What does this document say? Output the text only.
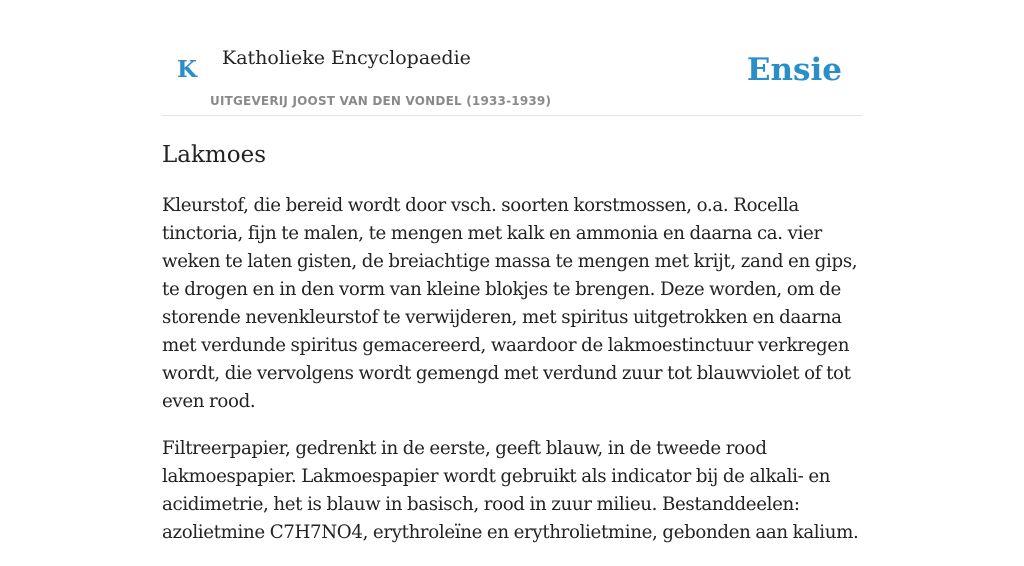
K Katholieke Encyclopaedie
UITGEVERIJ JOOST VAN DEN VONDEL (1933-1939)
Ensie
Lakmoes

Kleurstof, die bereid wordt door vsch. soorten korstmossen, o.a. Rocella tinctoria, fijn te malen, te mengen met kalk en ammonia en daarna ca. vier weken te laten gisten, de breiachtige massa te mengen met krijt, zand en gips, te drogen en in den vorm van kleine blokjes te brengen. Deze worden, om de storende nevenkleurstof te verwijderen, met spiritus uitgetrokken en daarna met verdunde spiritus gemacereerd, waardoor de lakmoestinctuur verkregen wordt, die vervolgens wordt gemengd met verdund zuur tot blauwviolet of tot even rood.

Filtreerpapier, gedrenkt in de eerste, geeft blauw, in de tweede rood lakmoespapier. Lakmoespapier wordt gebruikt als indicator bij de alkali- en acidimetrie, het is blauw in basisch, rood in zuur milieu. Bestanddeelen: azolietmine C7H7NO4, erythroleïne en erythrolietmine, gebonden aan kalium.
